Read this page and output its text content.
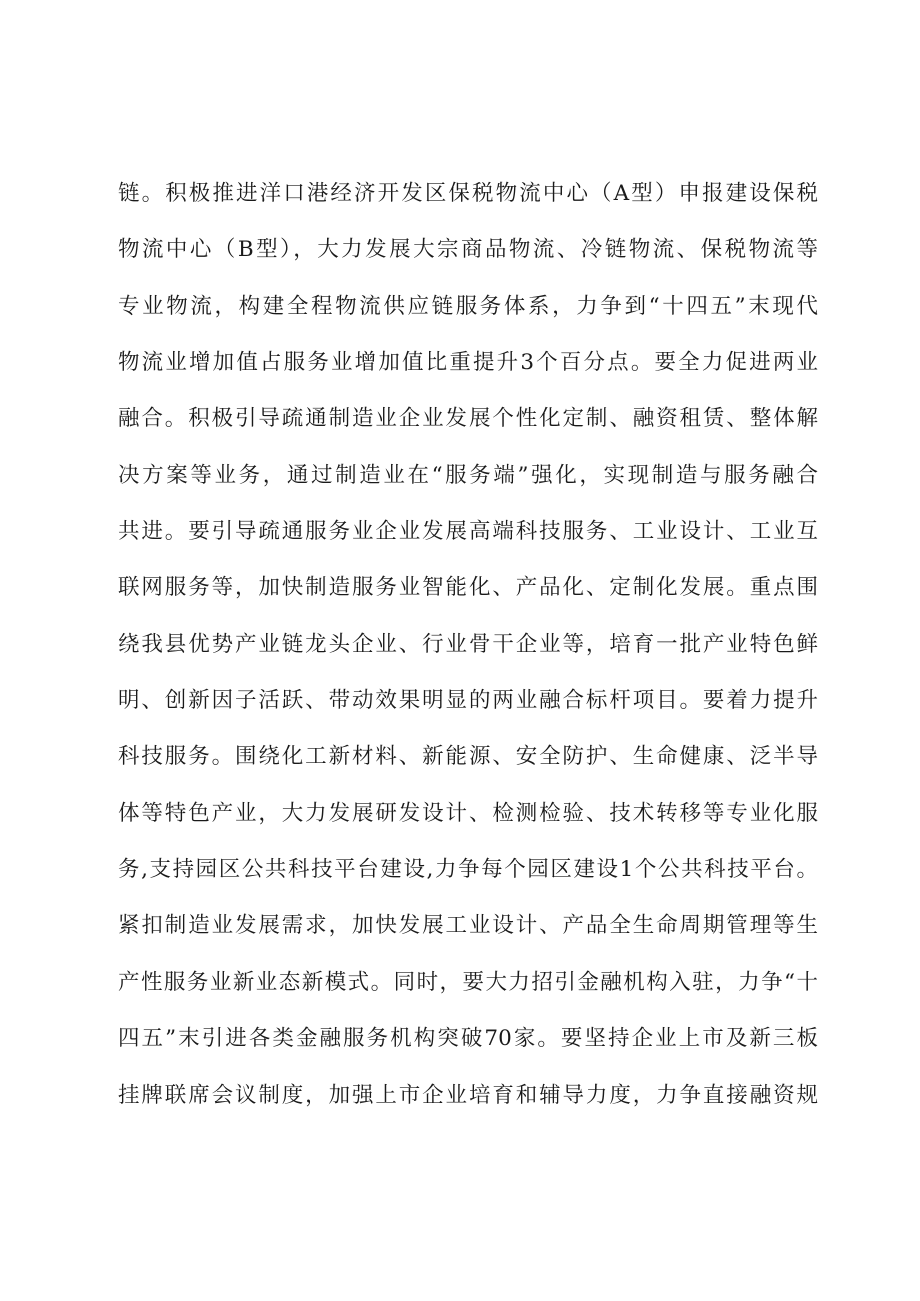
链。积极推进洋口港经济开发区保税物流中心（A型）申报建设保税
物流中心（B型），大力发展大宗商品物流、冷链物流、保税物流等
专业物流，构建全程物流供应链服务体系，力争到“十四五”末现代
物流业增加值占服务业增加值比重提升3个百分点。要全力促进两业
融合。积极引导疏通制造业企业发展个性化定制、融资租赁、整体解
决方案等业务，通过制造业在“服务端”强化，实现制造与服务融合
共进。要引导疏通服务业企业发展高端科技服务、工业设计、工业互
联网服务等，加快制造服务业智能化、产品化、定制化发展。重点围
绕我县优势产业链龙头企业、行业骨干企业等，培育一批产业特色鲜
明、创新因子活跃、带动效果明显的两业融合标杆项目。要着力提升
科技服务。围绕化工新材料、新能源、安全防护、生命健康、泛半导
体等特色产业，大力发展研发设计、检测检验、技术转移等专业化服
务,支持园区公共科技平台建设,力争每个园区建设1个公共科技平台。
紧扣制造业发展需求，加快发展工业设计、产品全生命周期管理等生
产性服务业新业态新模式。同时，要大力招引金融机构入驻，力争“十
四五”末引进各类金融服务机构突破70家。要坚持企业上市及新三板
挂牌联席会议制度，加强上市企业培育和辅导力度，力争直接融资规
